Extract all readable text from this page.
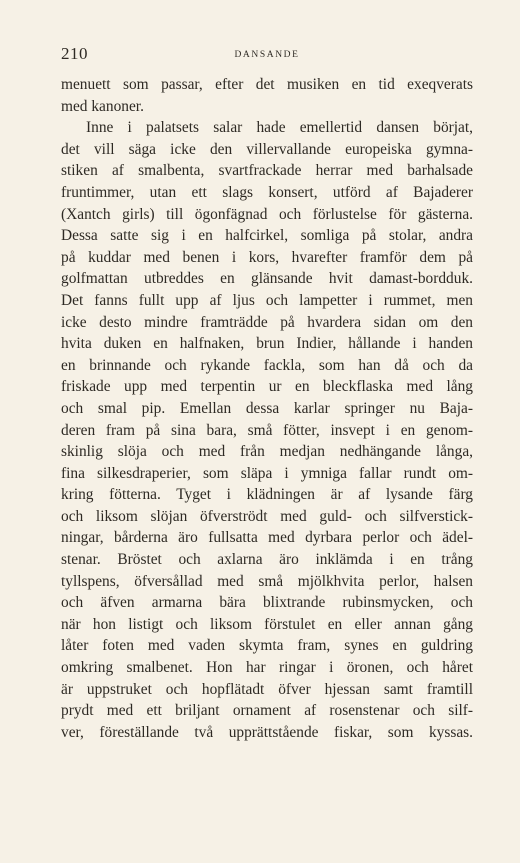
210	DANSANDE
menuett som passar, efter det musiken en tid exeqverats
med kanoner.
Inne i palatsets salar hade emellertid dansen börjat,
det vill säga icke den villervallande europeiska gymna-
stiken af smalbenta, svartfrackade herrar med barhalsade
fruntimmer, utan ett slags konsert, utförd af Bajaderer
(Xantch girls) till ögonfägnad och förlustelse för gästerna.
Dessa satte sig i en halfcirkel, somliga på stolar, andra
på kuddar med benen i kors, hvarefter framför dem på
golfmattan utbreddes en glänsande hvit damast-bordduk.
Det fanns fullt upp af ljus och lampetter i rummet, men
icke desto mindre framträdde på hvardera sidan om den
hvita duken en halfnaken, brun Indier, hållande i handen
en brinnande och rykande fackla, som han då och da
friskade upp med terpentin ur en bleckflaska med lång
och smal pip. Emellan dessa karlar springer nu Baja-
deren fram på sina bara, små fötter, insvept i en genom-
skinlig slöja och med från medjan nedhängande långa,
fina silkesdraperier, som släpa i ymniga fallar rundt om-
kring fötterna. Tyget i klädningen är af lysande färg
och liksom slöjan öfverströdt med guld- och silfverstick-
ningar, bårderna äro fullsatta med dyrbara perlor och ädel-
stenar. Bröstet och axlarna äro inklämda i en trång
tyllspens, öfversållad med små mjölkhvita perlor, halsen
och äfven armarna bära blixtrande rubinsmycken, och
när hon listigt och liksom förstulet en eller annan gång
låter foten med vaden skymta fram, synes en guldring
omkring smalbenet. Hon har ringar i öronen, och håret
är uppstruket och hopflätadt öfver hjessan samt framtill
prydt med ett briljant ornament af rosenstenar och silf-
ver, föreställande två upprättstående fiskar, som kyssas.
